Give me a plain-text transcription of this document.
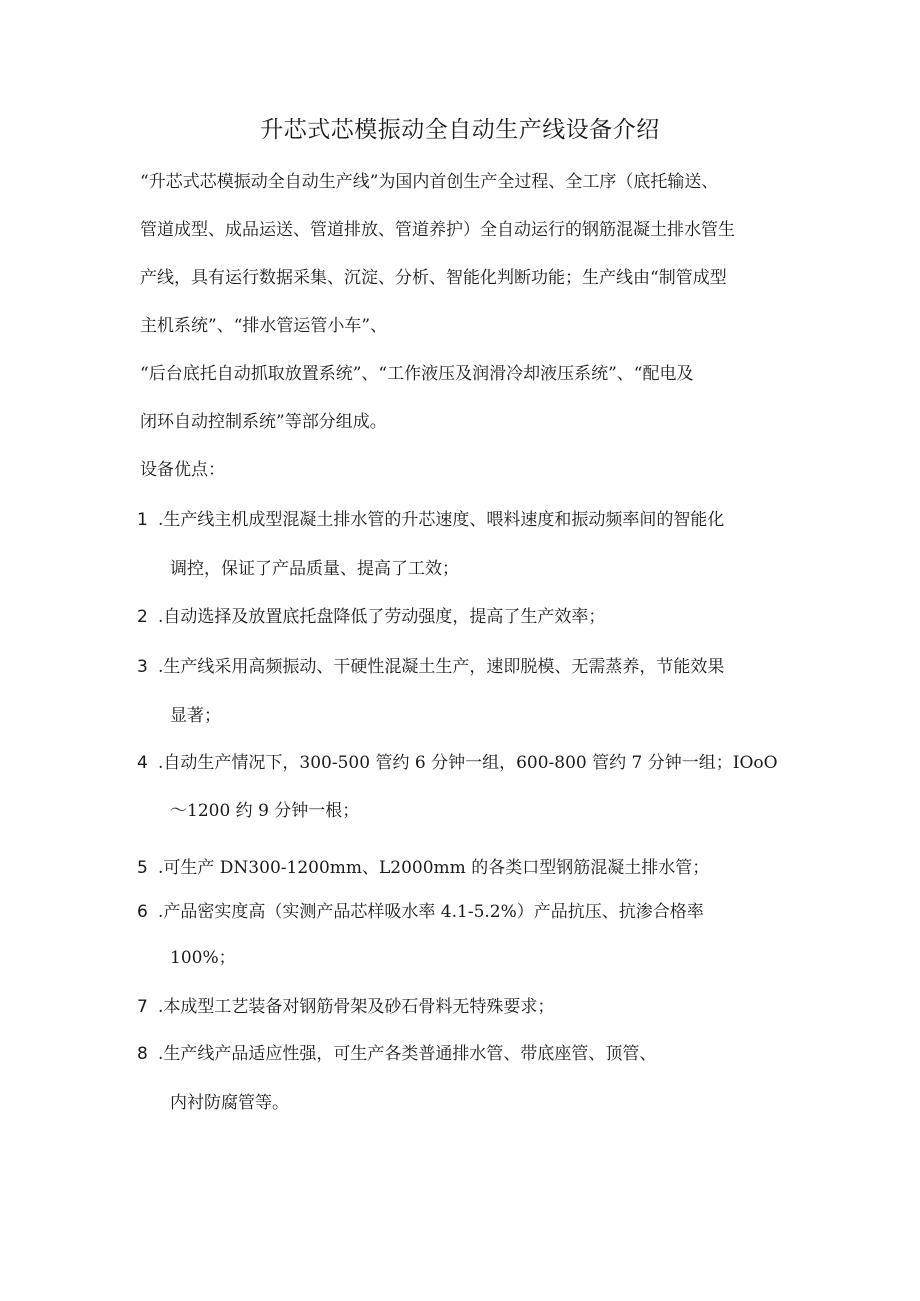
升芯式芯模振动全自动生产线设备介绍

“升芯式芯模振动全自动生产线”为国内首创生产全过程、全工序（底托输送、

管道成型、成品运送、管道排放、管道养护）全自动运行的钢筋混凝土排水管生

产线，具有运行数据采集、沉淀、分析、智能化判断功能；生产线由“制管成型

主机系统”、“排水管运管小车”、

“后台底托自动抓取放置系统”、“工作液压及润滑冷却液压系统”、“配电及

闭环自动控制系统”等部分组成。

设备优点：

1 .生产线主机成型混凝土排水管的升芯速度、喂料速度和振动频率间的智能化
调控，保证了产品质量、提高了工效；
2 .自动选择及放置底托盘降低了劳动强度，提高了生产效率；
3 .生产线采用高频振动、干硬性混凝土生产，速即脱模、无需蒸养，节能效果
显著；
4 .自动生产情况下，300-500 管约 6 分钟一组，600-800 管约 7 分钟一组；IOoO
～1200 约 9 分钟一根；
5 .可生产 DN300-1200mm、L2000mm 的各类口型钢筋混凝土排水管；
6 .产品密实度高（实测产品芯样吸水率 4.1-5.2%）产品抗压、抗渗合格率
100%；
7 .本成型工艺装备对钢筋骨架及砂石骨料无特殊要求；
8 .生产线产品适应性强，可生产各类普通排水管、带底座管、顶管、
内衬防腐管等。
